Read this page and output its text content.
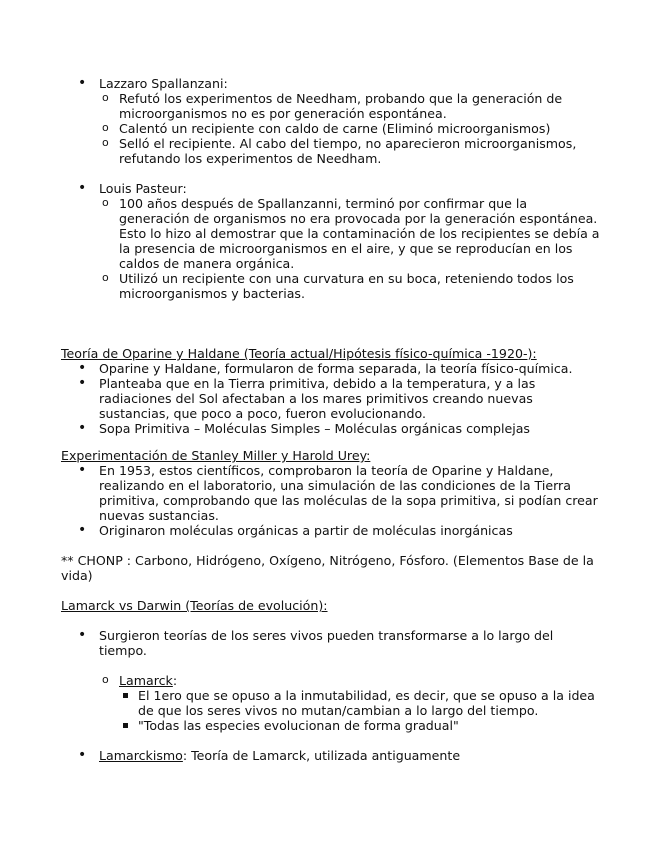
• Lazzaro Spallanzani:
o Refutó los experimentos de Needham, probando que la generación de microorganismos no es por generación espontánea.
o Calentó un recipiente con caldo de carne (Eliminó microorganismos)
o Selló el recipiente. Al cabo del tiempo, no aparecieron microorganismos, refutando los experimentos de Needham.
• Louis Pasteur:
o 100 años después de Spallanzanni, terminó por confirmar que la generación de organismos no era provocada por la generación espontánea. Esto lo hizo al demostrar que la contaminación de los recipientes se debía a la presencia de microorganismos en el aire, y que se reproducían en los caldos de manera orgánica.
o Utilizó un recipiente con una curvatura en su boca, reteniendo todos los microorganismos y bacterias.
Teoría de Oparine y Haldane (Teoría actual/Hipótesis físico-química -1920-):
• Oparine y Haldane, formularon de forma separada, la teoría físico-química.
• Planteaba que en la Tierra primitiva, debido a la temperatura, y a las radiaciones del Sol afectaban a los mares primitivos creando nuevas sustancias, que poco a poco, fueron evolucionando.
• Sopa Primitiva – Moléculas Simples – Moléculas orgánicas complejas
Experimentación de Stanley Miller y Harold Urey:
• En 1953, estos científicos, comprobaron la teoría de Oparine y Haldane, realizando en el laboratorio, una simulación de las condiciones de la Tierra primitiva, comprobando que las moléculas de la sopa primitiva, si podían crear nuevas sustancias.
• Originaron moléculas orgánicas a partir de moléculas inorgánicas
** CHONP : Carbono, Hidrógeno, Oxígeno, Nitrógeno, Fósforo. (Elementos Base de la vida)
Lamarck vs Darwin (Teorías de evolución):
• Surgieron teorías de los seres vivos pueden transformarse a lo largo del tiempo.
o Lamarck:
El 1ero que se opuso a la inmutabilidad, es decir, que se opuso a la idea de que los seres vivos no mutan/cambian a lo largo del tiempo.
"Todas las especies evolucionan de forma gradual"
• Lamarckismo: Teoría de Lamarck, utilizada antiguamente
